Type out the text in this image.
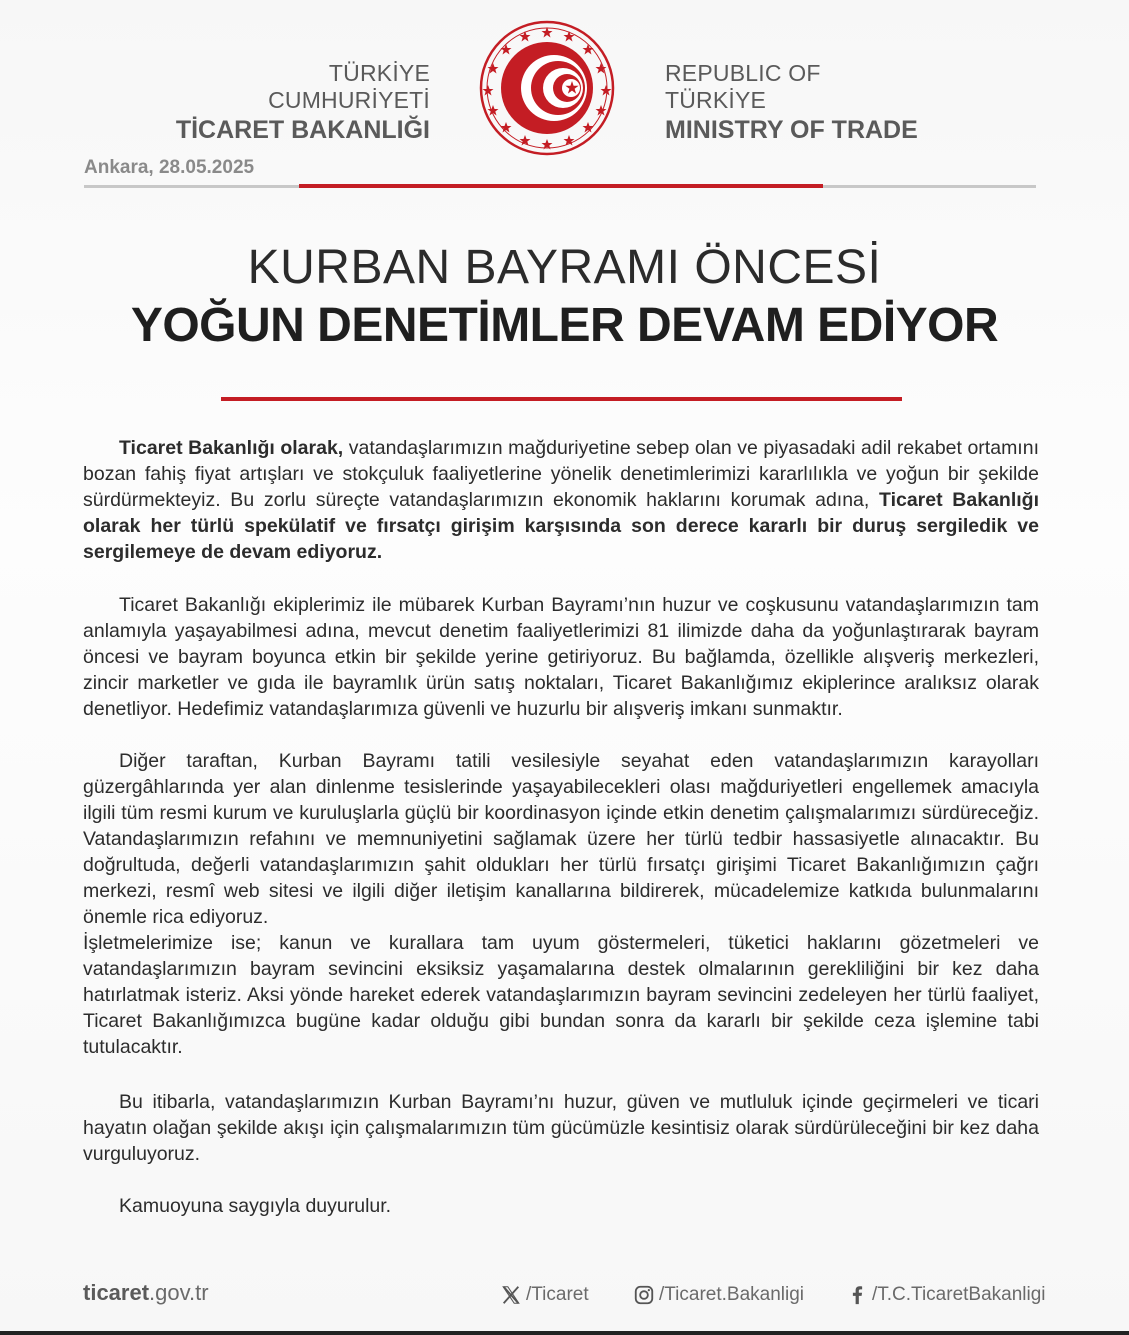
TÜRKİYE CUMHURİYETİ
TİCARET BAKANLIĞI
REPUBLIC OF TÜRKİYE
MINISTRY OF TRADE
Ankara, 28.05.2025
KURBAN BAYRAMI ÖNCESİ
YOĞUN DENETİMLER DEVAM EDİYOR

Ticaret Bakanlığı olarak, vatandaşlarımızın mağduriyetine sebep olan ve piyasadaki adil rekabet ortamını bozan fahiş fiyat artışları ve stokçuluk faaliyetlerine yönelik denetimlerimizi kararlılıkla ve yoğun bir şekilde sürdürmekteyiz. Bu zorlu süreçte vatandaşlarımızın ekonomik haklarını korumak adına, Ticaret Bakanlığı olarak her türlü spekülatif ve fırsatçı girişim karşısında son derece kararlı bir duruş sergiledik ve sergilemeye de devam ediyoruz.

Ticaret Bakanlığı ekiplerimiz ile mübarek Kurban Bayramı’nın huzur ve coşkusunu vatandaşlarımızın tam anlamıyla yaşayabilmesi adına, mevcut denetim faaliyetlerimizi 81 ilimizde daha da yoğunlaştırarak bayram öncesi ve bayram boyunca etkin bir şekilde yerine getiriyoruz. Bu bağlamda, özellikle alışveriş merkezleri, zincir marketler ve gıda ile bayramlık ürün satış noktaları, Ticaret Bakanlığımız ekiplerince aralıksız olarak denetliyor. Hedefimiz vatandaşlarımıza güvenli ve huzurlu bir alışveriş imkanı sunmaktır.

Diğer taraftan, Kurban Bayramı tatili vesilesiyle seyahat eden vatandaşlarımızın karayolları güzergâhlarında yer alan dinlenme tesislerinde yaşayabilecekleri olası mağduriyetleri engellemek amacıyla ilgili tüm resmi kurum ve kuruluşlarla güçlü bir koordinasyon içinde etkin denetim çalışmalarımızı sürdüreceğiz. Vatandaşlarımızın refahını ve memnuniyetini sağlamak üzere her türlü tedbir hassasiyetle alınacaktır. Bu doğrultuda, değerli vatandaşlarımızın şahit oldukları her türlü fırsatçı girişimi Ticaret Bakanlığımızın çağrı merkezi, resmî web sitesi ve ilgili diğer iletişim kanallarına bildirerek, mücadelemize katkıda bulunmalarını önemle rica ediyoruz.

İşletmelerimize ise; kanun ve kurallara tam uyum göstermeleri, tüketici haklarını gözetmeleri ve vatandaşlarımızın bayram sevincini eksiksiz yaşamalarına destek olmalarının gerekliliğini bir kez daha hatırlatmak isteriz. Aksi yönde hareket ederek vatandaşlarımızın bayram sevincini zedeleyen her türlü faaliyet, Ticaret Bakanlığımızca bugüne kadar olduğu gibi bundan sonra da kararlı bir şekilde ceza işlemine tabi tutulacaktır.

Bu itibarla, vatandaşlarımızın Kurban Bayramı’nı huzur, güven ve mutluluk içinde geçirmeleri ve ticari hayatın olağan şekilde akışı için çalışmalarımızın tüm gücümüzle kesintisiz olarak sürdürüleceğini bir kez daha vurguluyoruz.

Kamuoyuna saygıyla duyurulur.

ticaret.gov.tr	/Ticaret	/Ticaret.Bakanligi	/T.C.TicaretBakanligi
